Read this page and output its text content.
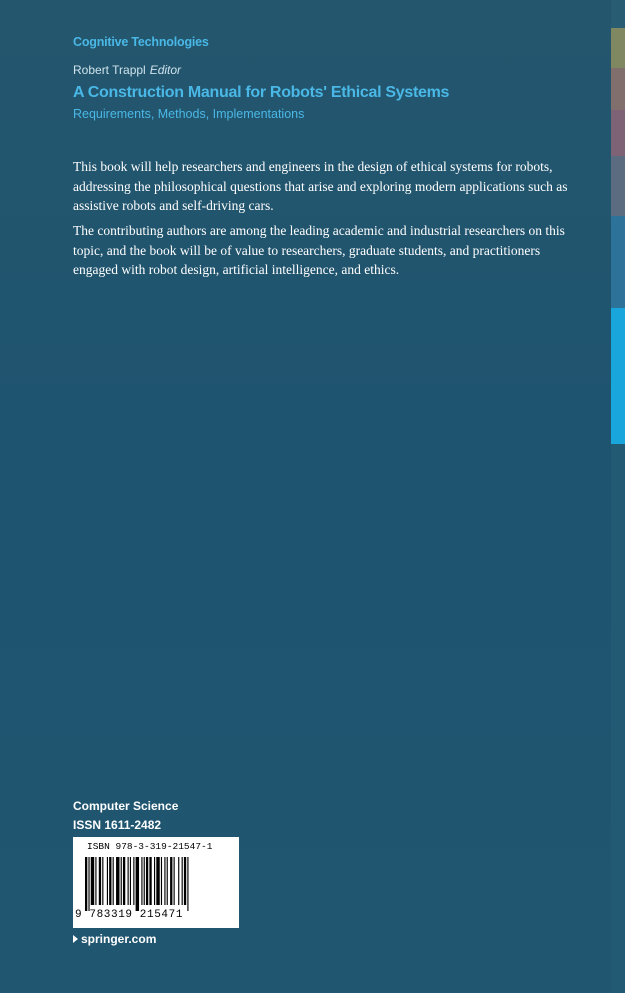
Cognitive Technologies
Robert Trappl Editor
A Construction Manual for Robots' Ethical Systems
Requirements, Methods, Implementations

This book will help researchers and engineers in the design of ethical systems for robots, addressing the philosophical questions that arise and exploring modern applications such as assistive robots and self-driving cars.

The contributing authors are among the leading academic and industrial researchers on this topic, and the book will be of value to researchers, graduate students, and practitioners engaged with robot design, artificial intelligence, and ethics.

Computer Science
ISSN 1611-2482
ISBN 978-3-319-21547-1
9 783319 215471
springer.com
